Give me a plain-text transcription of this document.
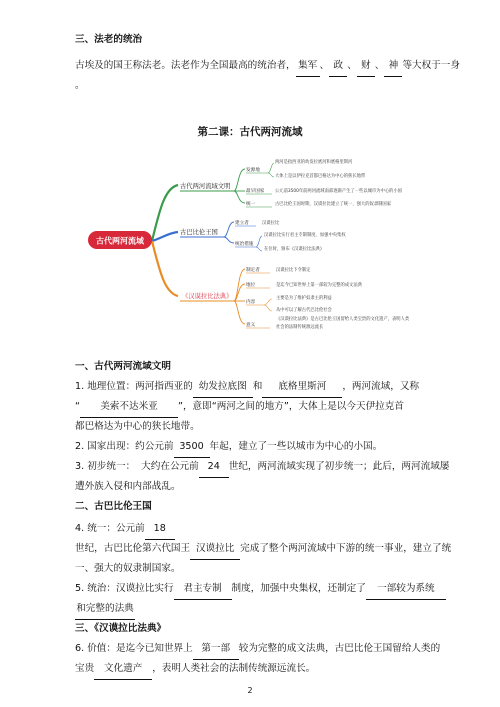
三、法老的统治
古埃及的国王称法老。法老作为全国最高的统治者， 集军 、 政 、 财 、 神 等大权于一身
。
第二课：古代两河流域
古代两河流域
古代两河流域文明
发源地
两河是指西亚的幼发拉底河和底格里斯河
大体上是以伊拉克首都巴格达为中心的狭长地带
最早国家 公元前3500年前两河流域南部逐渐产生了一些以城市为中心的小国
统一	古巴比伦王国时期，汉谟拉比建立了统一、强大的奴隶制国家
古巴比伦王国
建立者	汉谟拉比
统治措施
汉谟拉比实行君主专制制度，加强中央集权
在位时，颁布《汉谟拉比法典》
《汉谟拉比法典》
制定者	汉谟拉比下令制定
地位	是迄今已知世界上第一部较为完整的成文法典
内容
主要是为了维护奴隶主的利益
从中可以了解古代巴比伦社会
意义
《汉谟拉比法典》是古巴比伦王国留给人类宝贵的文化遗产，表明人类
社会的法制传统源远流长
一、古代两河流域文明
1. 地理位置：两河指西亚的 幼发拉底图 和 底格里斯河 ，两河流域，又称
“ 美索不达米亚 ”，意即“两河之间的地方”，大体上是以今天伊拉克首
都巴格达为中心的狭长地带。
2. 国家出现：约公元前 3500 年起，建立了一些以城市为中心的小国。
3. 初步统一： 大约在公元前 24 世纪，两河流域实现了初步统一；此后，两河流域屡
遭外族入侵和内部战乱。
二、古巴比伦王国
4. 统一：公元前 18
世纪，古巴比伦第六代国王 汉谟拉比 完成了整个两河流域中下游的统一事业，建立了统
一、强大的奴隶制国家。
5. 统治：汉谟拉比实行 君主专制 制度，加强中央集权，还制定了 一部较为系统
和完整的法典
三、《汉谟拉比法典》
6. 价值：是迄今已知世界上 第一部 较为完整的成文法典，古巴比伦王国留给人类的
宝贵 文化遗产 ，表明人类社会的法制传统源远流长。
2
